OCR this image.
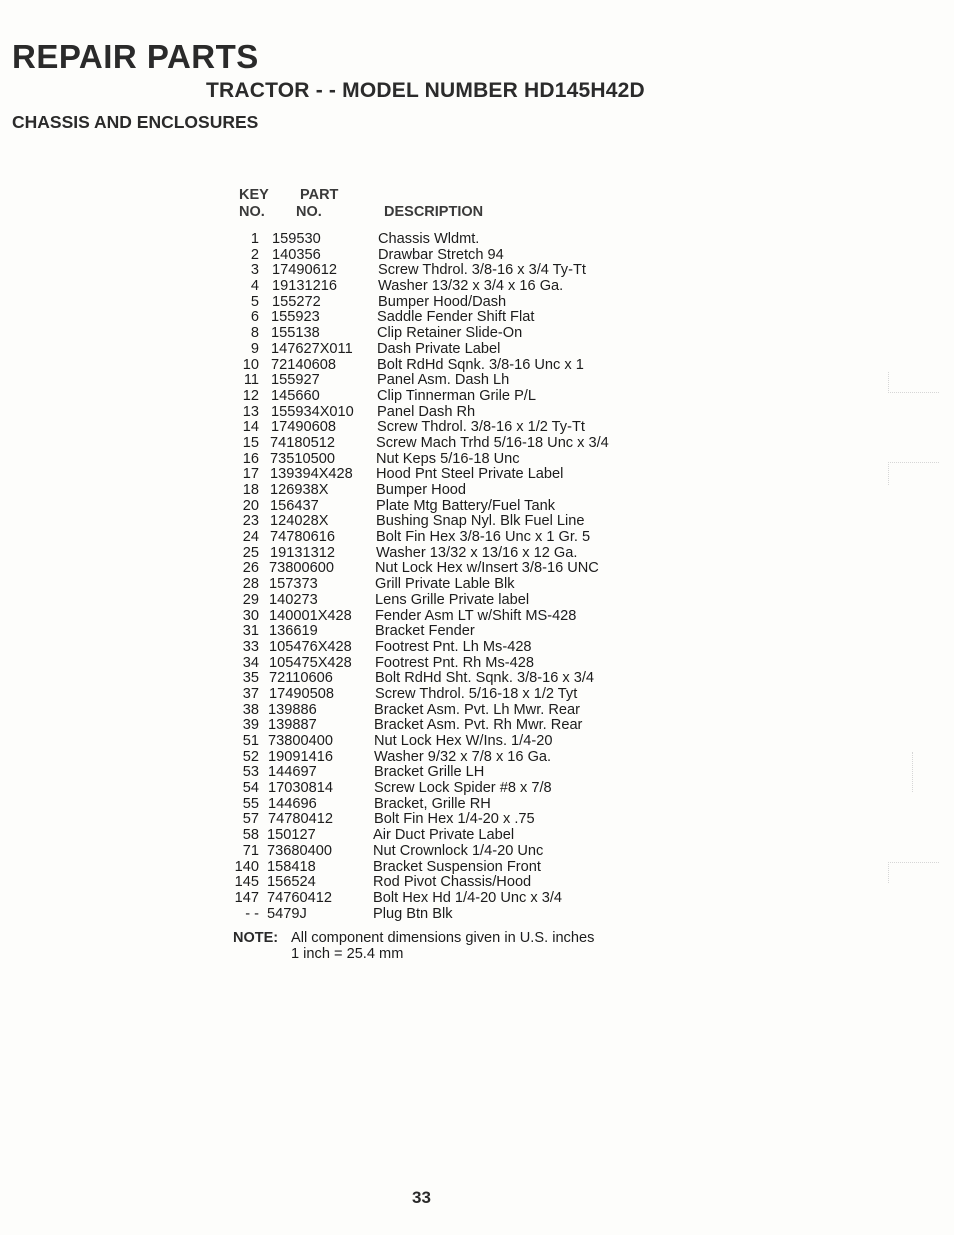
REPAIR PARTS
TRACTOR - - MODEL NUMBER HD145H42D
CHASSIS AND ENCLOSURES
KEY
NO.
PART
NO.	DESCRIPTION
1 159530	Chassis Wldmt.
2 140356	Drawbar Stretch 94
3 17490612	Screw Thdrol. 3/8-16 x 3/4 Ty-Tt
4 19131216	Washer 13/32 x 3/4 x 16 Ga.
5 155272	Bumper Hood/Dash
6 155923	Saddle Fender Shift Flat
8 155138	Clip Retainer Slide-On
9 147627X011 Dash Private Label
10 72140608	Bolt RdHd Sqnk. 3/8-16 Unc x 1
11 155927	Panel Asm. Dash Lh
12 145660	Clip Tinnerman Grile P/L
13 155934X010 Panel Dash Rh
14 17490608	Screw Thdrol. 3/8-16 x 1/2 Ty-Tt
15 74180512	Screw Mach Trhd 5/16-18 Unc x 3/4
16 73510500	Nut Keps 5/16-18 Unc
17 139394X428 Hood Pnt Steel Private Label
18 126938X	Bumper Hood
20 156437	Plate Mtg Battery/Fuel Tank
23 124028X	Bushing Snap Nyl. Blk Fuel Line
24 74780616	Bolt Fin Hex 3/8-16 Unc x 1 Gr. 5
25 19131312	Washer 13/32 x 13/16 x 12 Ga.
26 73800600	Nut Lock Hex w/Insert 3/8-16 UNC
28 157373	Grill Private Lable Blk
29 140273	Lens Grille Private label
30 140001X428 Fender Asm LT w/Shift MS-428
31 136619	Bracket Fender
33 105476X428 Footrest Pnt. Lh Ms-428
34 105475X428 Footrest Pnt. Rh Ms-428
35 72110606	Bolt RdHd Sht. Sqnk. 3/8-16 x 3/4
37 17490508	Screw Thdrol. 5/16-18 x 1/2 Tyt
38 139886	Bracket Asm. Pvt. Lh Mwr. Rear
39 139887	Bracket Asm. Pvt. Rh Mwr. Rear
51 73800400	Nut Lock Hex W/Ins. 1/4-20
52 19091416	Washer 9/32 x 7/8 x 16 Ga.
53 144697	Bracket Grille LH
54 17030814	Screw Lock Spider #8 x 7/8
55 144696	Bracket, Grille RH
57 74780412	Bolt Fin Hex 1/4-20 x .75
58 150127	Air Duct Private Label
71 73680400	Nut Crownlock 1/4-20 Unc
140 158418	Bracket Suspension Front
145 156524	Rod Pivot Chassis/Hood
147 74760412	Bolt Hex Hd 1/4-20 Unc x 3/4
- - 5479J	Plug Btn Blk
NOTE: All component dimensions given in U.S. inches
1 inch = 25.4 mm
33
